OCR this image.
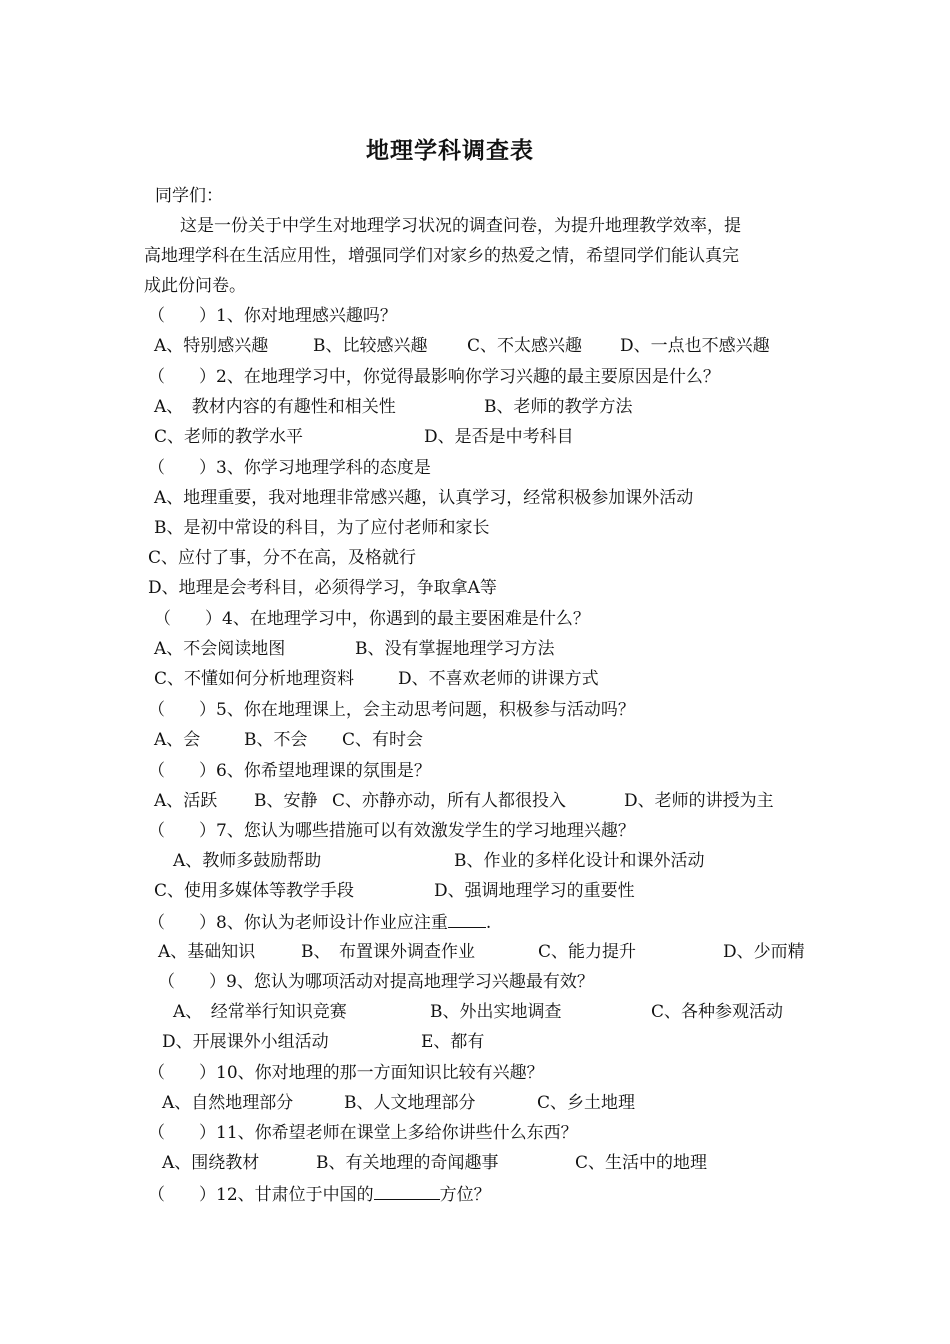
地理学科调查表
同学们：
这是一份关于中学生对地理学习状况的调查问卷，为提升地理教学效率，提
高地理学科在生活应用性，增强同学们对家乡的热爱之情，希望同学们能认真完
成此份问卷。
（　　）1、你对地理感兴趣吗？
A、特别感兴趣	B、比较感兴趣 C、不太感兴趣 D、一点也不感兴趣
（　　）2、在地理学习中，你觉得最影响你学习兴趣的最主要原因是什么？
A、　教材内容的有趣性和相关性	B、老师的教学方法
C、老师的教学水平	D、是否是中考科目
（　　）3、你学习地理学科的态度是
A、地理重要，我对地理非常感兴趣，认真学习，经常积极参加课外活动
B、是初中常设的科目，为了应付老师和家长
C、应付了事，分不在高，及格就行
D、地理是会考科目，必须得学习，争取拿A等
（　　）4、在地理学习中，你遇到的最主要困难是什么？
A、不会阅读地图	B、没有掌握地理学习方法
C、不懂如何分析地理资料	D、不喜欢老师的讲课方式
（　　）5、你在地理课上，会主动思考问题，积极参与活动吗？
A、会	B、不会 C、有时会
（　　）6、你希望地理课的氛围是？
A、活跃 B、安静 C、亦静亦动，所有人都很投入	D、老师的讲授为主
（　　）7、您认为哪些措施可以有效激发学生的学习地理兴趣？
A、教师多鼓励帮助	B、作业的多样化设计和课外活动
C、使用多媒体等教学手段	D、强调地理学习的重要性
（　　）8、你认为老师设计作业应注重 .
A、基础知识	B、　布置课外调查作业	C、能力提升	D、少而精
（　　）9、您认为哪项活动对提高地理学习兴趣最有效？
A、　经常举行知识竞赛	B、外出实地调查	C、各种参观活动
D、开展课外小组活动	E、都有
（　　）10、你对地理的那一方面知识比较有兴趣？
A、自然地理部分	B、人文地理部分	C、乡土地理
（　　）11、你希望老师在课堂上多给你讲些什么东西？
A、围绕教材	B、有关地理的奇闻趣事	C、生活中的地理
（　　）12、甘肃位于中国的	方位？
